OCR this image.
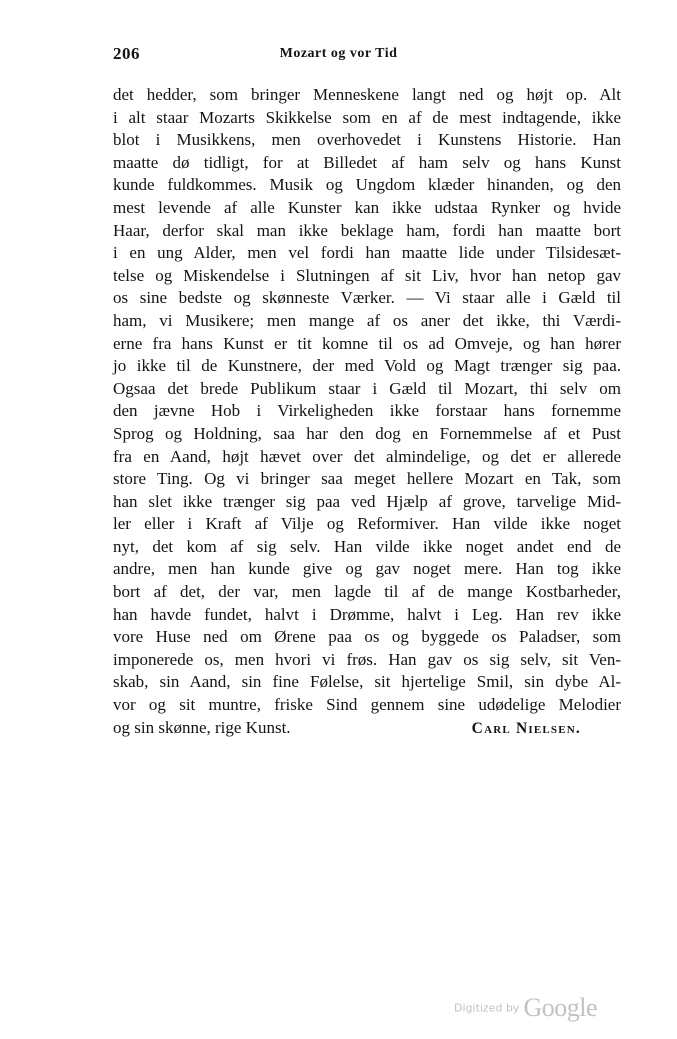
206	Mozart og vor Tid
det hedder, som bringer Menneskene langt ned og højt op. Alt
i alt staar Mozarts Skikkelse som en af de mest indtagende, ikke
blot i Musikkens, men overhovedet i Kunstens Historie. Han
maatte dø tidligt, for at Billedet af ham selv og hans Kunst
kunde fuldkommes. Musik og Ungdom klæder hinanden, og den
mest levende af alle Kunster kan ikke udstaa Rynker og hvide
Haar, derfor skal man ikke beklage ham, fordi han maatte bort
i en ung Alder, men vel fordi han maatte lide under Tilsidesæt-
telse og Miskendelse i Slutningen af sit Liv, hvor han netop gav
os sine bedste og skønneste Værker. — Vi staar alle i Gæld til
ham, vi Musikere; men mange af os aner det ikke, thi Værdi-
erne fra hans Kunst er tit komne til os ad Omveje, og han hører
jo ikke til de Kunstnere, der med Vold og Magt trænger sig paa.
Ogsaa det brede Publikum staar i Gæld til Mozart, thi selv om
den jævne Hob i Virkeligheden ikke forstaar hans fornemme
Sprog og Holdning, saa har den dog en Fornemmelse af et Pust
fra en Aand, højt hævet over det almindelige, og det er allerede
store Ting. Og vi bringer saa meget hellere Mozart en Tak, som
han slet ikke trænger sig paa ved Hjælp af grove, tarvelige Mid-
ler eller i Kraft af Vilje og Reformiver. Han vilde ikke noget
nyt, det kom af sig selv. Han vilde ikke noget andet end de
andre, men han kunde give og gav noget mere. Han tog ikke
bort af det, der var, men lagde til af de mange Kostbarheder,
han havde fundet, halvt i Drømme, halvt i Leg. Han rev ikke
vore Huse ned om Ørene paa os og byggede os Paladser, som
imponerede os, men hvori vi frøs. Han gav os sig selv, sit Ven-
skab, sin Aand, sin fine Følelse, sit hjertelige Smil, sin dybe Al-
vor og sit muntre, friske Sind gennem sine udødelige Melodier
og sin skønne, rige Kunst.	Carl Nielsen.
Digitized by Google
